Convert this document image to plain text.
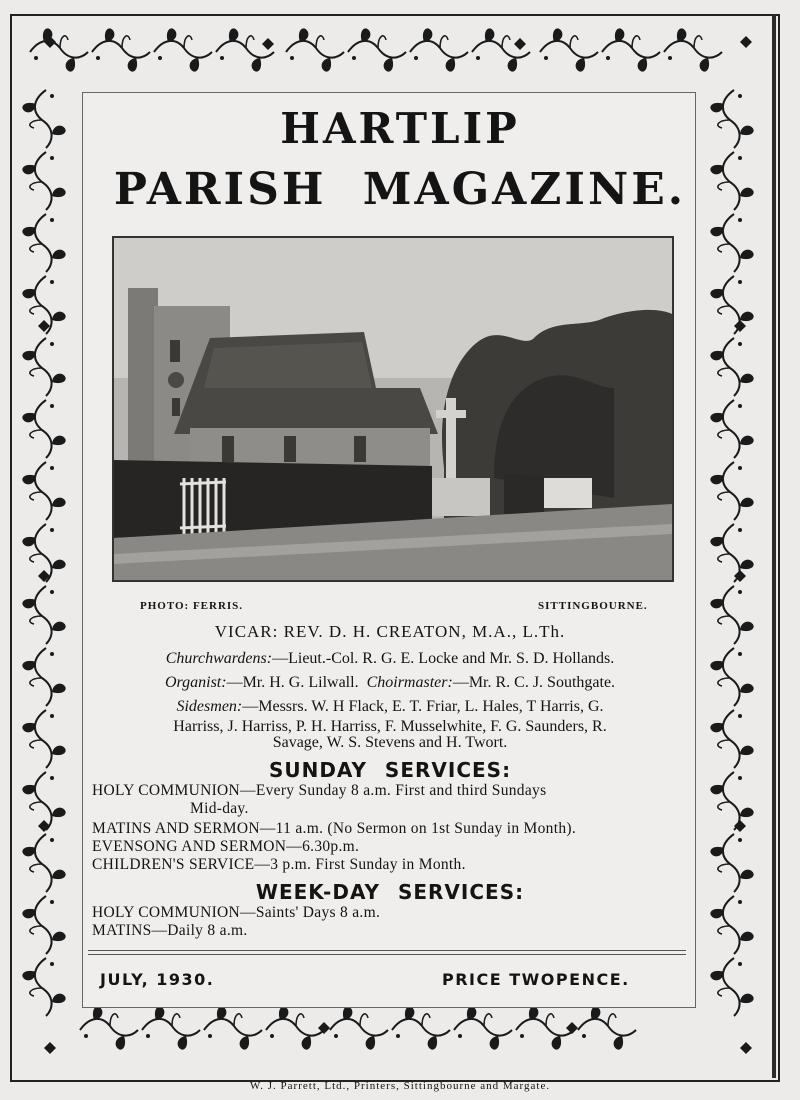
HARTLIP
PARISH MAGAZINE.
PHOTO: FERRIS.	SITTINGBOURNE.
VICAR: REV. D. H. CREATON, M.A., L.Th.
Churchwardens:—Lieut.-Col. R. G. E. Locke and Mr. S. D. Hollands.
Organist:—Mr. H. G. Lilwall. Choirmaster:—Mr. R. C. J. Southgate.
Sidesmen:—Messrs. W. H Flack, E. T. Friar, L. Hales, T Harris, G.
Harriss, J. Harriss, P. H. Harriss, F. Musselwhite, F. G. Saunders, R.
Savage, W. S. Stevens and H. Twort.
SUNDAY SERVICES:
HOLY COMMUNION—Every Sunday 8 a.m. First and third Sundays
Mid-day.
MATINS AND SERMON—11 a.m. (No Sermon on 1st Sunday in Month).
EVENSONG AND SERMON—6.30p.m.
CHILDREN'S SERVICE—3 p.m. First Sunday in Month.
WEEK-DAY SERVICES:
HOLY COMMUNION—Saints' Days 8 a.m.
MATINS—Daily 8 a.m.
JULY, 1930.	PRICE TWOPENCE.
W. J. Parrett, Ltd., Printers, Sittingbourne and Margate.
